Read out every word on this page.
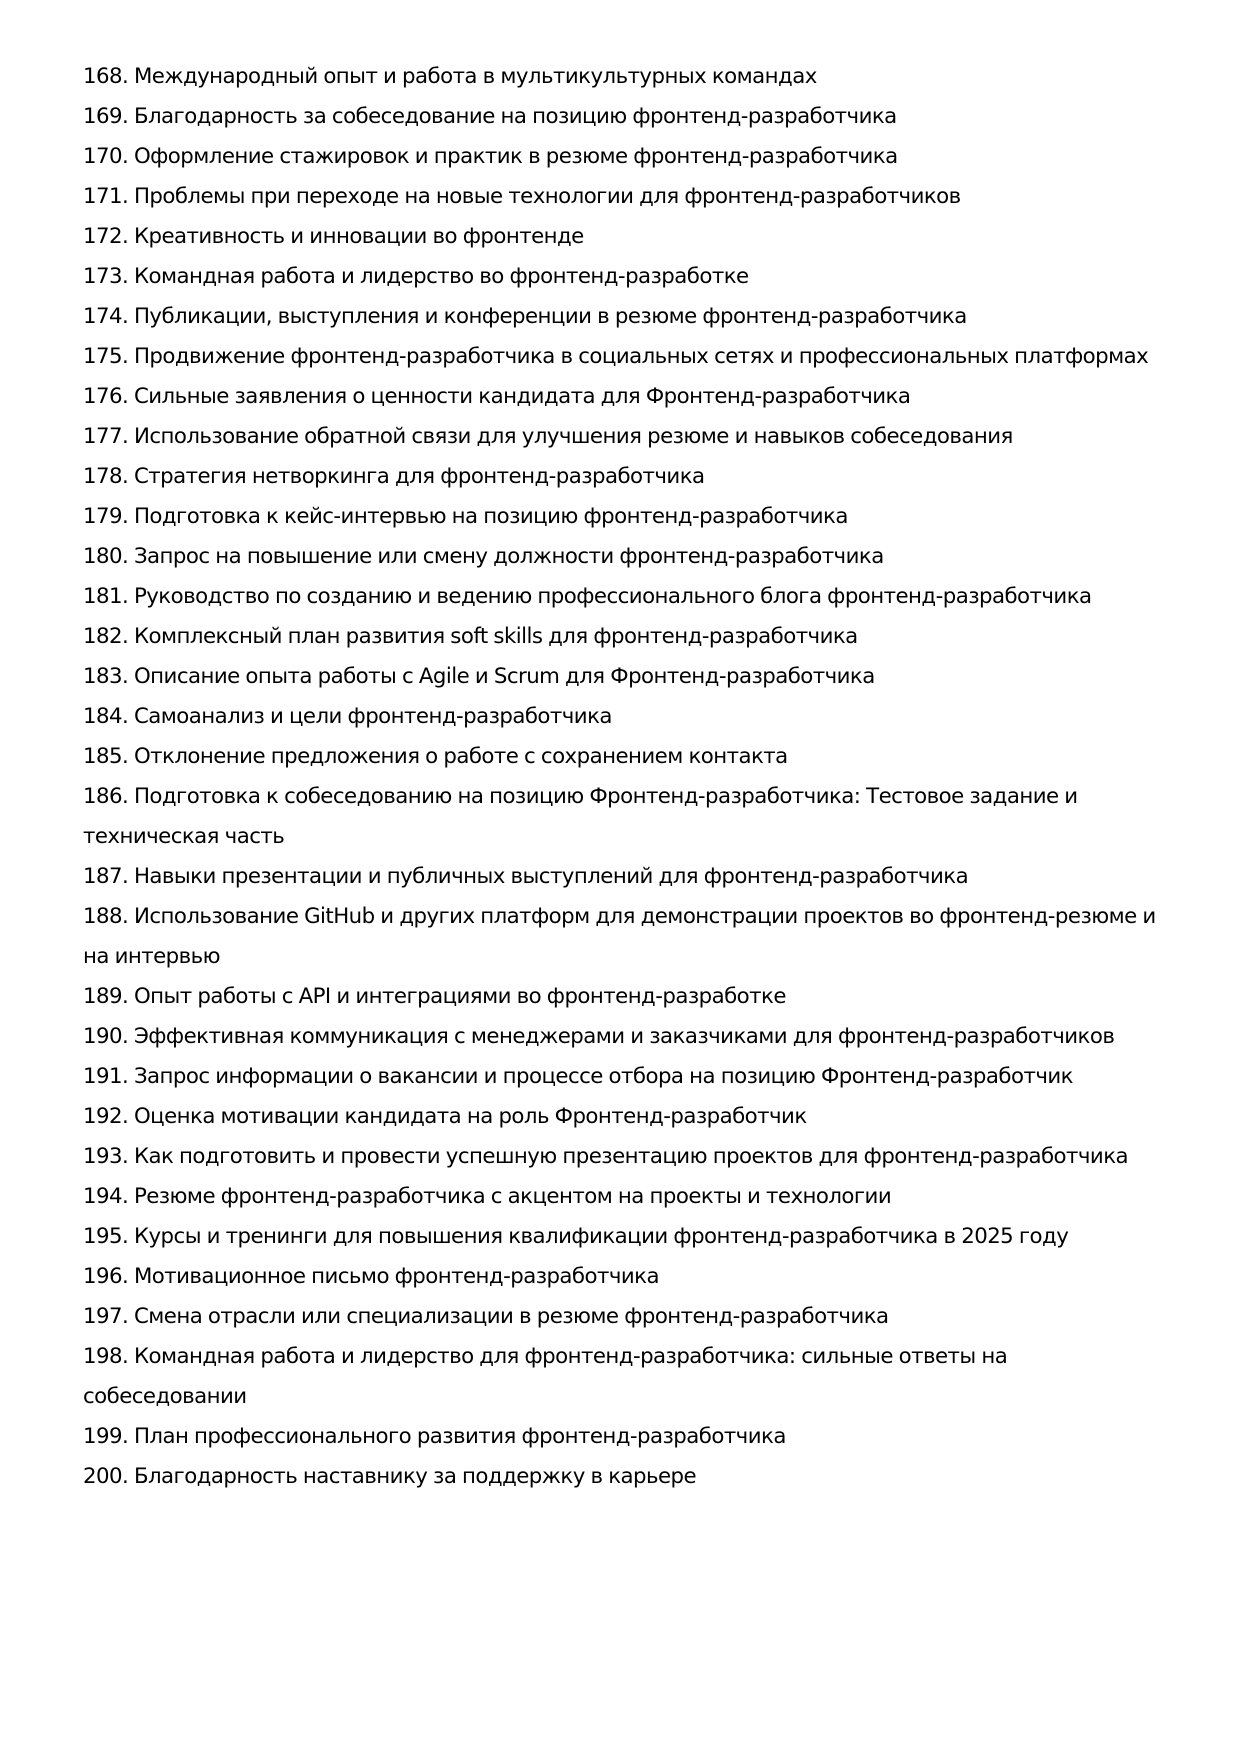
168. Международный опыт и работа в мультикультурных командах

169. Благодарность за собеседование на позицию фронтенд-разработчика

170. Оформление стажировок и практик в резюме фронтенд-разработчика

171. Проблемы при переходе на новые технологии для фронтенд-разработчиков

172. Креативность и инновации во фронтенде

173. Командная работа и лидерство во фронтенд-разработке

174. Публикации, выступления и конференции в резюме фронтенд-разработчика

175. Продвижение фронтенд-разработчика в социальных сетях и профессиональных платформах

176. Сильные заявления о ценности кандидата для Фронтенд-разработчика

177. Использование обратной связи для улучшения резюме и навыков собеседования

178. Стратегия нетворкинга для фронтенд-разработчика

179. Подготовка к кейс-интервью на позицию фронтенд-разработчика

180. Запрос на повышение или смену должности фронтенд-разработчика

181. Руководство по созданию и ведению профессионального блога фронтенд-разработчика

182. Комплексный план развития soft skills для фронтенд-разработчика

183. Описание опыта работы с Agile и Scrum для Фронтенд-разработчика

184. Самоанализ и цели фронтенд-разработчика

185. Отклонение предложения о работе с сохранением контакта

186. Подготовка к собеседованию на позицию Фронтенд-разработчика: Тестовое задание и техническая часть

187. Навыки презентации и публичных выступлений для фронтенд-разработчика

188. Использование GitHub и других платформ для демонстрации проектов во фронтенд-резюме и на интервью

189. Опыт работы с API и интеграциями во фронтенд-разработке

190. Эффективная коммуникация с менеджерами и заказчиками для фронтенд-разработчиков

191. Запрос информации о вакансии и процессе отбора на позицию Фронтенд-разработчик

192. Оценка мотивации кандидата на роль Фронтенд-разработчик

193. Как подготовить и провести успешную презентацию проектов для фронтенд-разработчика

194. Резюме фронтенд-разработчика с акцентом на проекты и технологии

195. Курсы и тренинги для повышения квалификации фронтенд-разработчика в 2025 году

196. Мотивационное письмо фронтенд-разработчика

197. Смена отрасли или специализации в резюме фронтенд-разработчика

198. Командная работа и лидерство для фронтенд-разработчика: сильные ответы на собеседовании

199. План профессионального развития фронтенд-разработчика

200. Благодарность наставнику за поддержку в карьере
